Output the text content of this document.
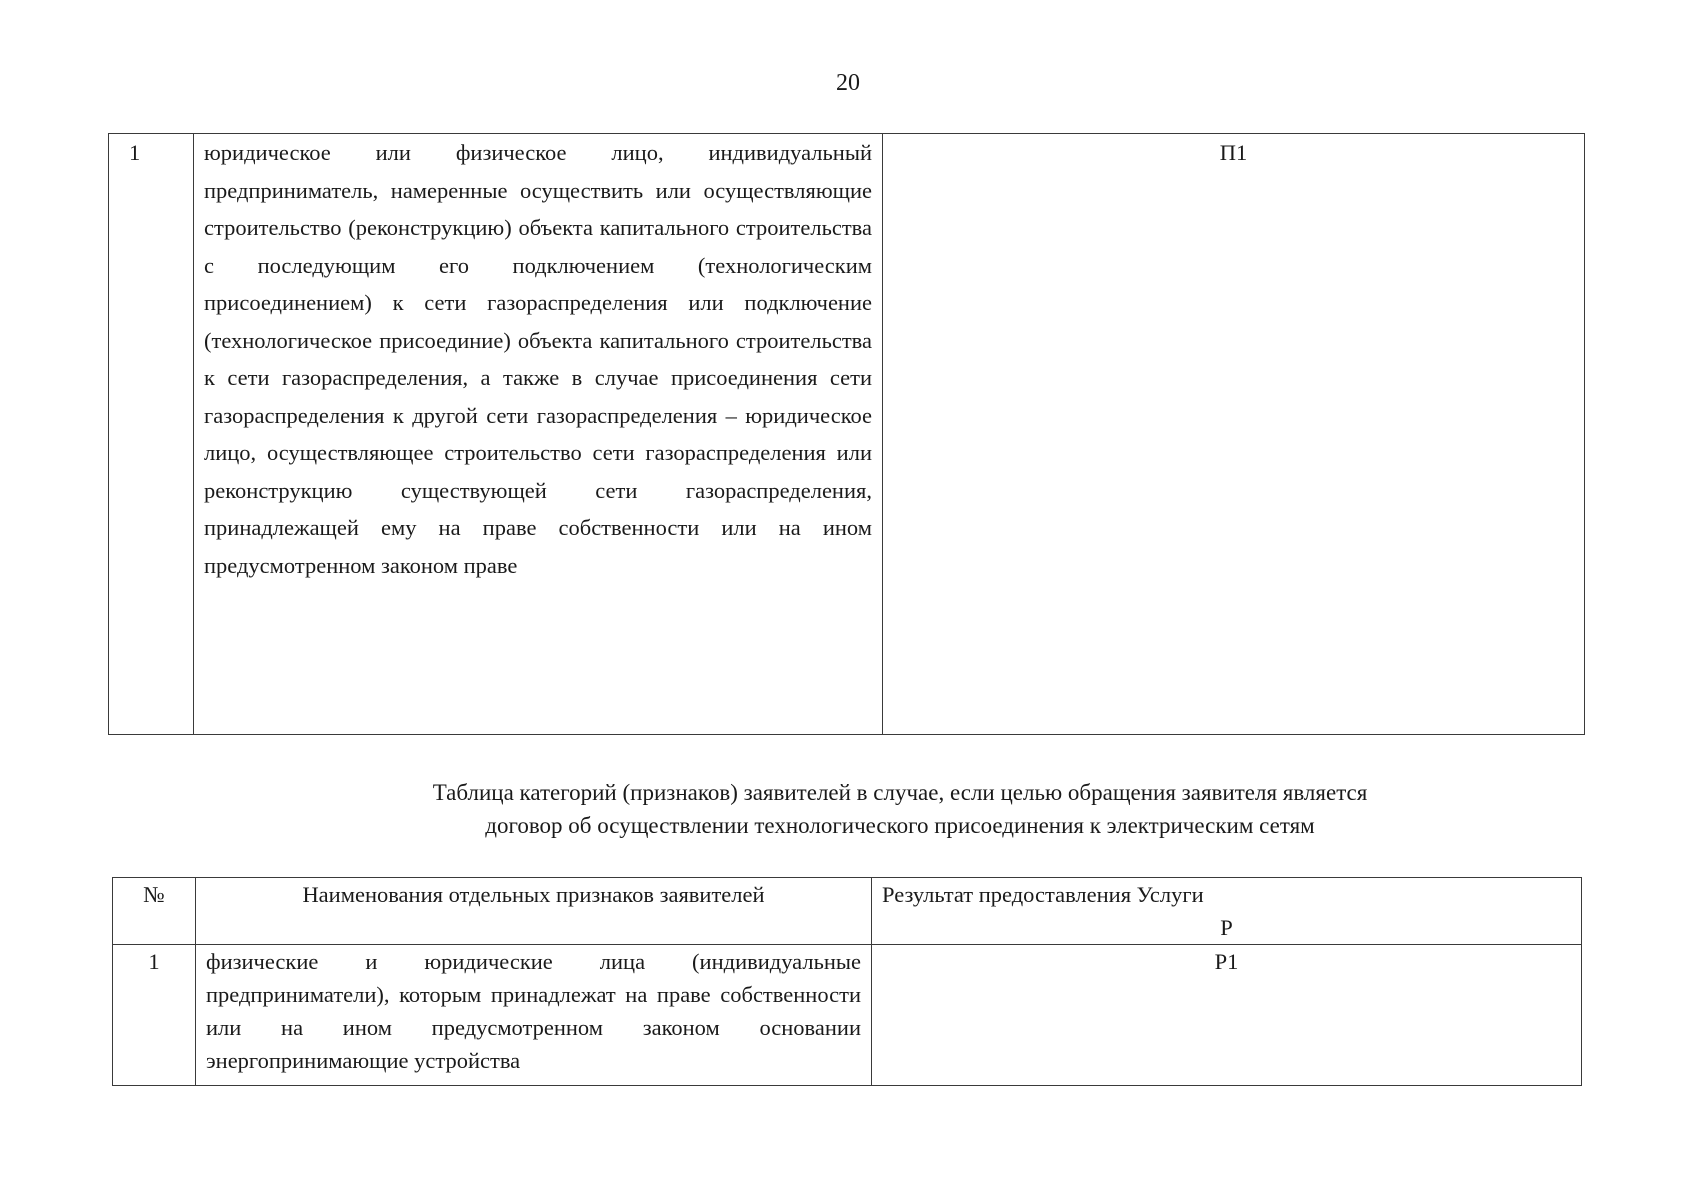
20
1	юридическое или физическое лицо, индивидуальный предприниматель, намеренные осуществить или осуществляющие строительство (реконструкцию) объекта капитального строительства с последующим его подключением (технологическим присоединением) к сети газораспределения или подключение (технологическое присоединие) объекта капитального строительства к сети газораспределения, а также в случае присоединения сети газораспределения к другой сети газораспределения – юридическое лицо, осуществляющее строительство сети газораспределения или реконструкцию существующей сети газораспределения, принадлежащей ему на праве собственности или на ином предусмотренном законом праве	П1
Таблица категорий (признаков) заявителей в случае, если целью обращения заявителя является
договор об осуществлении технологического присоединения к электрическим сетям
№	Наименования отдельных признаков заявителей	Результат предоставления Услуги
Р

1	физические и юридические лица (индивидуальные предприниматели), которым принадлежат на праве собственности или на ином предусмотренном законом основании энергопринимающие устройства	Р1
